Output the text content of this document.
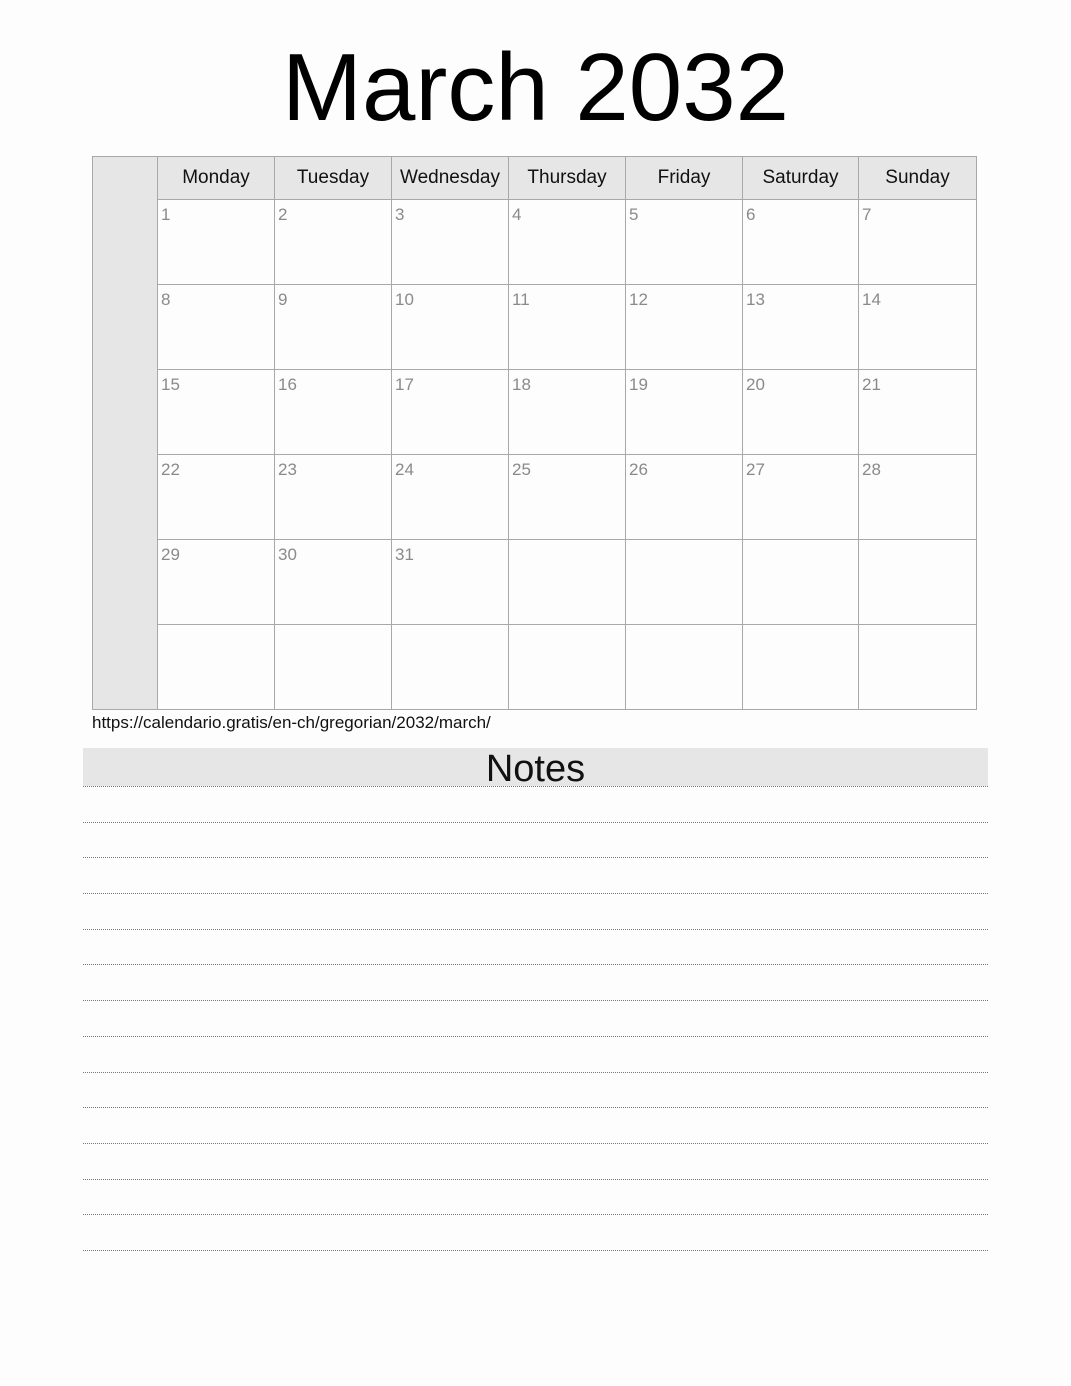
March 2032
	Monday	Tuesday	Wednesday	Thursday	Friday	Saturday	Sunday

	1	2	3	4	5	6	7

	8	9	10	11	12	13	14

	15	16	17	18	19	20	21

	22	23	24	25	26	27	28

	29	30	31				

https://calendario.gratis/en-ch/gregorian/2032/march/
Notes
